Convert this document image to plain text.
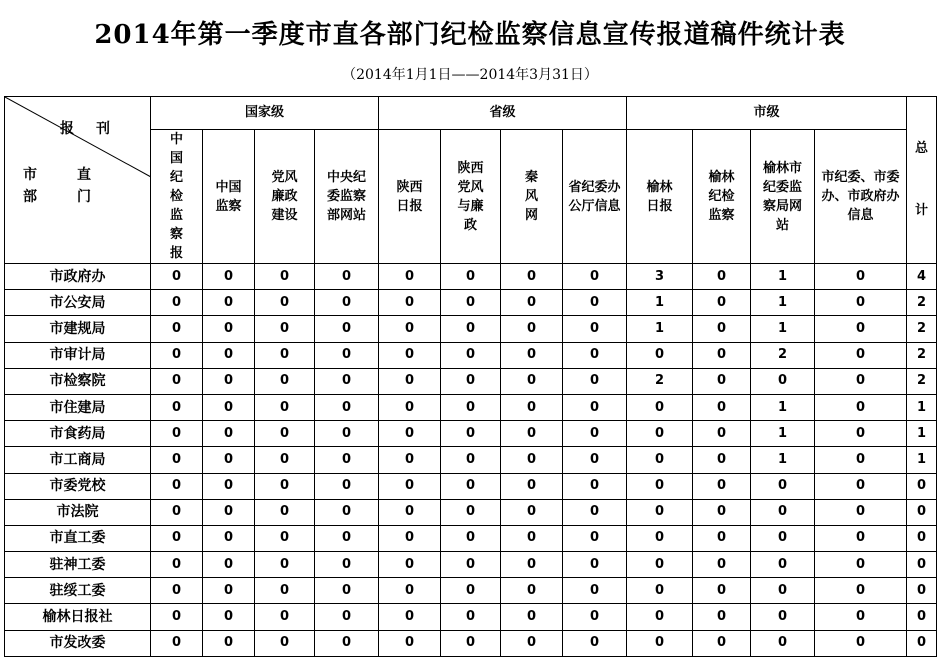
2014年第一季度市直各部门纪检监察信息宣传报道稿件统计表
（2014年1月1日——2014年3月31日）
报刊
市直
部门	国家级				省级				市级				总计
	中国纪检监察报	中国监察	党风廉政建设	中央纪委监察部网站	陕西日报	陕西党风与廉政	秦风网	省纪委办公厅信息	榆林日报	榆林纪检监察	榆林市纪委监察局网站	市纪委、市委办、市政府办信息	
市政府办	0	0	0	0	0	0	0	0	3	0	1	0	4
市公安局	0	0	0	0	0	0	0	0	1	0	1	0	2
市建规局	0	0	0	0	0	0	0	0	1	0	1	0	2
市审计局	0	0	0	0	0	0	0	0	0	0	2	0	2
市检察院	0	0	0	0	0	0	0	0	2	0	0	0	2
市住建局	0	0	0	0	0	0	0	0	0	0	1	0	1
市食药局	0	0	0	0	0	0	0	0	0	0	1	0	1
市工商局	0	0	0	0	0	0	0	0	0	0	1	0	1
市委党校	0	0	0	0	0	0	0	0	0	0	0	0	0
市法院	0	0	0	0	0	0	0	0	0	0	0	0	0
市直工委	0	0	0	0	0	0	0	0	0	0	0	0	0
驻神工委	0	0	0	0	0	0	0	0	0	0	0	0	0
驻绥工委	0	0	0	0	0	0	0	0	0	0	0	0	0
榆林日报社	0	0	0	0	0	0	0	0	0	0	0	0	0
市发改委	0	0	0	0	0	0	0	0	0	0	0	0	0
